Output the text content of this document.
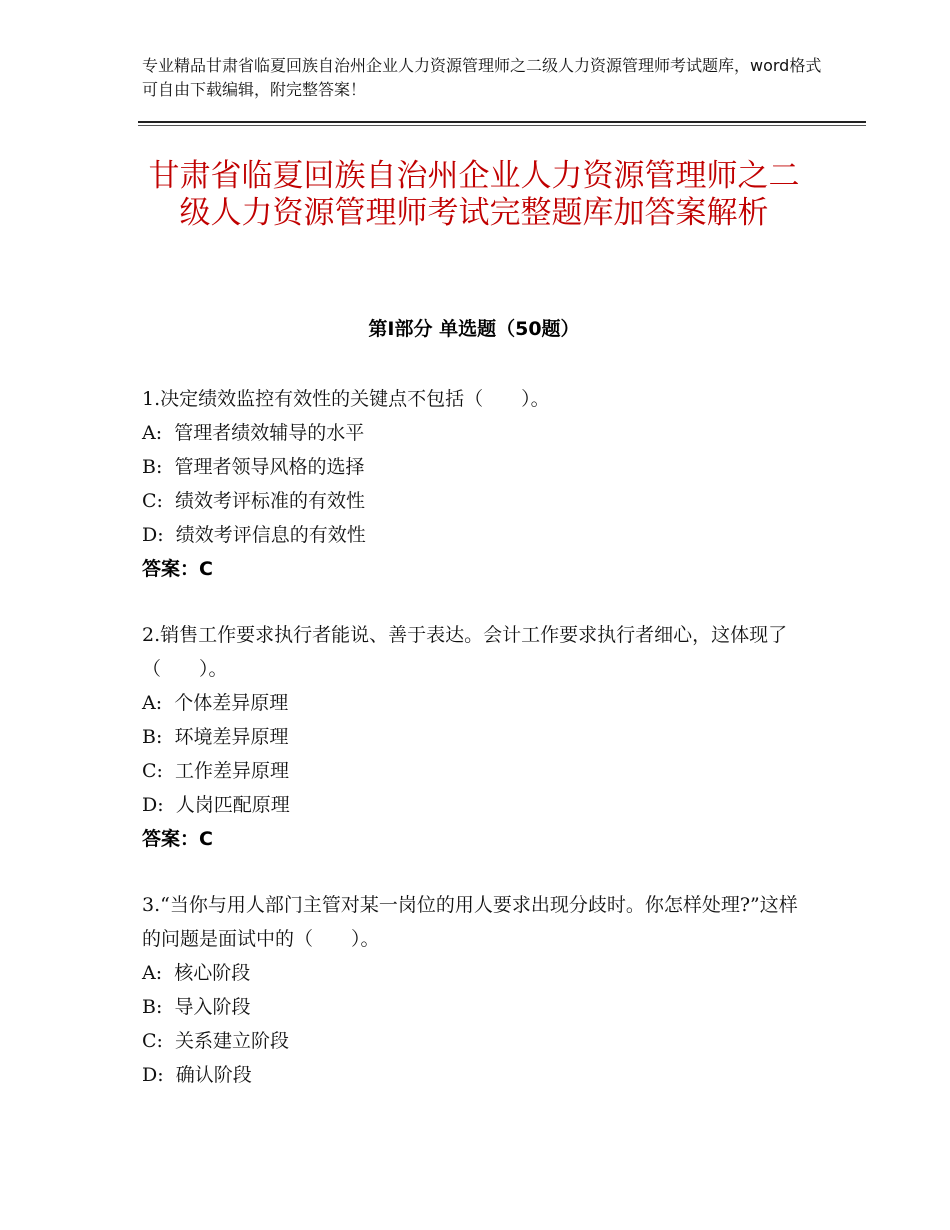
专业精品甘肃省临夏回族自治州企业人力资源管理师之二级人力资源管理师考试题库，word格式可自由下载编辑，附完整答案！
甘肃省临夏回族自治州企业人力资源管理师之二级人力资源管理师考试完整题库加答案解析
第Ⅰ部分 单选题（50题）
1.决定绩效监控有效性的关键点不包括（　　）。
A:  管理者绩效辅导的水平
B:  管理者领导风格的选择
C:  绩效考评标准的有效性
D:  绩效考评信息的有效性
答案：C
2.销售工作要求执行者能说、善于表达。会计工作要求执行者细心，这体现了（　　）。
A:  个体差异原理
B:  环境差异原理
C:  工作差异原理
D:  人岗匹配原理
答案：C
3.“当你与用人部门主管对某一岗位的用人要求出现分歧时。你怎样处理?”这样的问题是面试中的（　　）。
A:  核心阶段
B:  导入阶段
C:  关系建立阶段
D:  确认阶段
